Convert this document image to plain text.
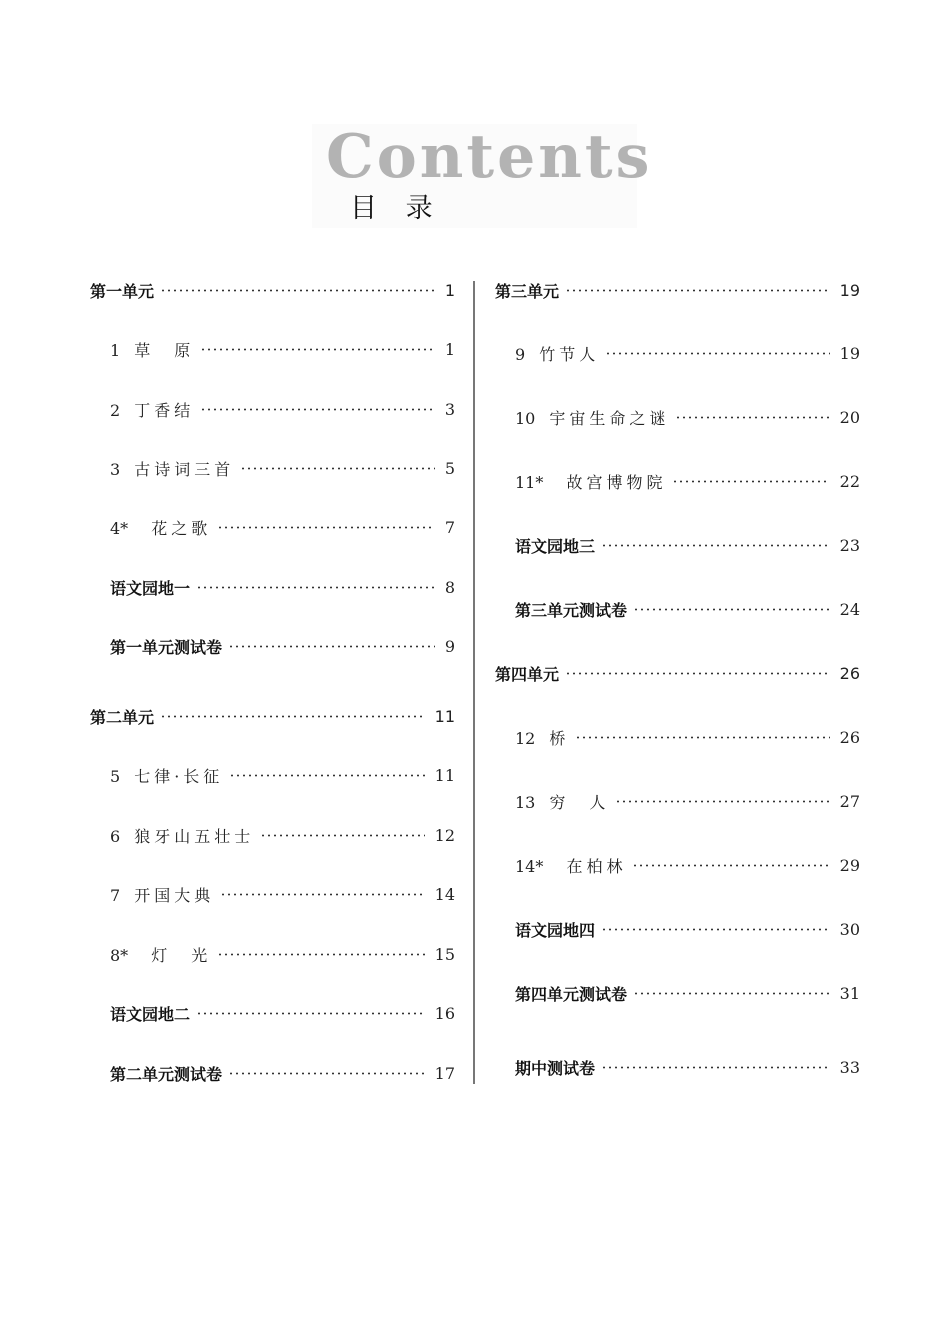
Contents
目 录
第一单元	1
1 草　原	1
2 丁香结	3
3 古诗词三首	5
4* 花之歌	7
语文园地一	8
第一单元测试卷	9
第二单元	11
5 七律·长征	11
6 狼牙山五壮士	12
7 开国大典	14
8* 灯　光	15
语文园地二	16
第二单元测试卷	17
第三单元	19
9 竹节人	19
10 宇宙生命之谜	20
11* 故宫博物院	22
语文园地三	23
第三单元测试卷	24
第四单元	26
12 桥	26
13 穷　人	27
14* 在柏林	29
语文园地四	30
第四单元测试卷	31
期中测试卷	33
